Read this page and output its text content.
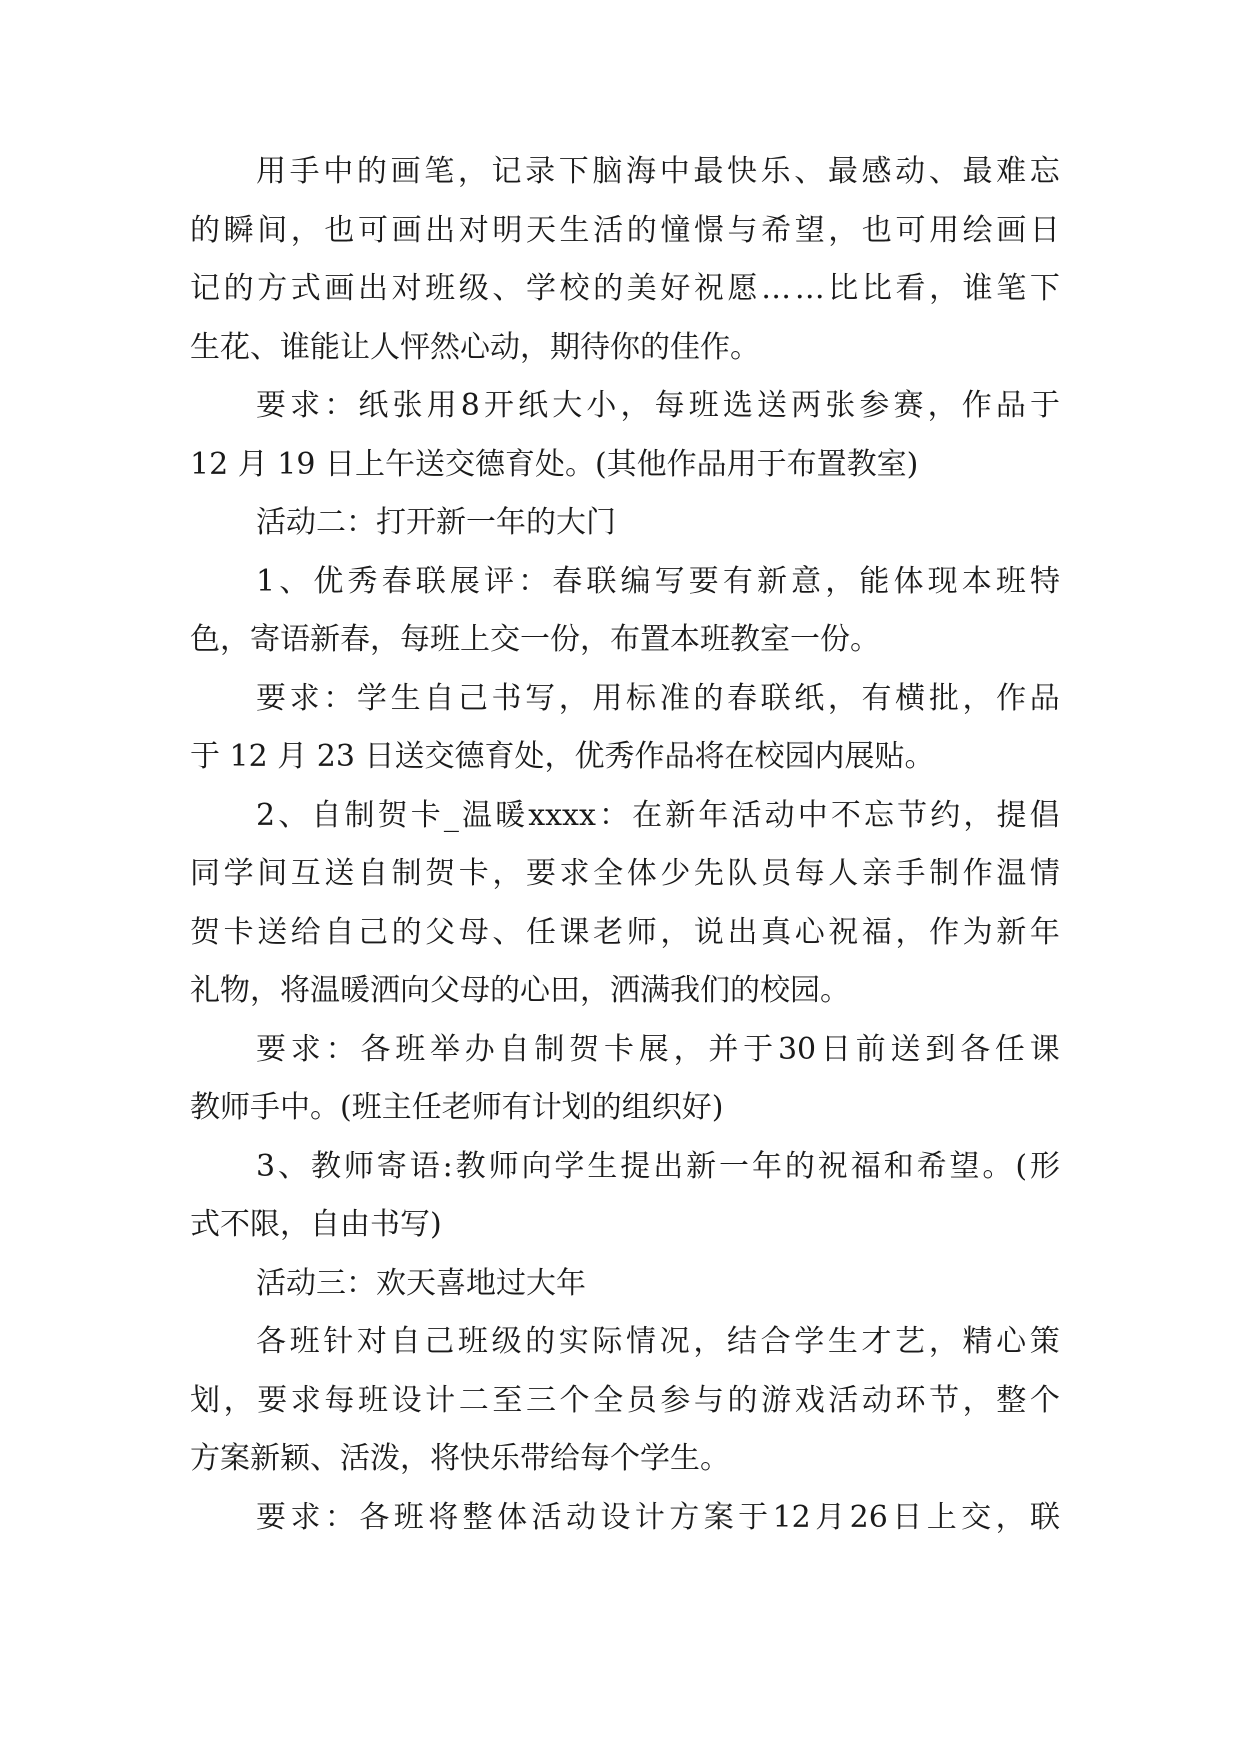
用 手 中 的 画 笔 ， 记 录 下 脑 海 中 最 快 乐 、 最 感 动 、 最 难 忘
的 瞬 间 ， 也 可 画 出 对 明 天 生 活 的 憧 憬 与 希 望 ， 也 可 用 绘 画 日
记 的 方 式 画 出 对 班 级 、 学 校 的 美 好 祝 愿 … … 比 比 看 ， 谁 笔 下
生花、谁能让人怦然心动，期待你的佳作。
要 求 ： 纸 张 用 8 开 纸 大 小 ， 每 班 选 送 两 张 参 赛 ， 作 品 于
12 月 19 日上午送交德育处。(其他作品用于布置教室)
活动二：打开新一年的大门
1 、 优 秀 春 联 展 评 ： 春 联 编 写 要 有 新 意 ， 能 体 现 本 班 特
色，寄语新春，每班上交一份，布置本班教室一份。
要 求 ： 学 生 自 己 书 写 ， 用 标 准 的 春 联 纸 ， 有 横 批 ， 作 品
于 12 月 23 日送交德育处，优秀作品将在校园内展贴。
2 、 自 制 贺 卡 _ 温 暖 xxxx ： 在 新 年 活 动 中 不 忘 节 约 ， 提 倡
同 学 间 互 送 自 制 贺 卡 ， 要 求 全 体 少 先 队 员 每 人 亲 手 制 作 温 情
贺 卡 送 给 自 己 的 父 母 、 任 课 老 师 ， 说 出 真 心 祝 福 ， 作 为 新 年
礼物，将温暖洒向父母的心田，洒满我们的校园。
要 求 ： 各 班 举 办 自 制 贺 卡 展 ， 并 于 30 日 前 送 到 各 任 课
教师手中。(班主任老师有计划的组织好)
3 、 教 师 寄 语 : 教 师 向 学 生 提 出 新 一 年 的 祝 福 和 希 望 。 ( 形
式不限，自由书写)
活动三：欢天喜地过大年
各 班 针 对 自 己 班 级 的 实 际 情 况 ， 结 合 学 生 才 艺 ， 精 心 策
划 ， 要 求 每 班 设 计 二 至 三 个 全 员 参 与 的 游 戏 活 动 环 节 ， 整 个
方案新颖、活泼，将快乐带给每个学生。
要 求 ： 各 班 将 整 体 活 动 设 计 方 案 于 12 月 26 日 上 交 ， 联
